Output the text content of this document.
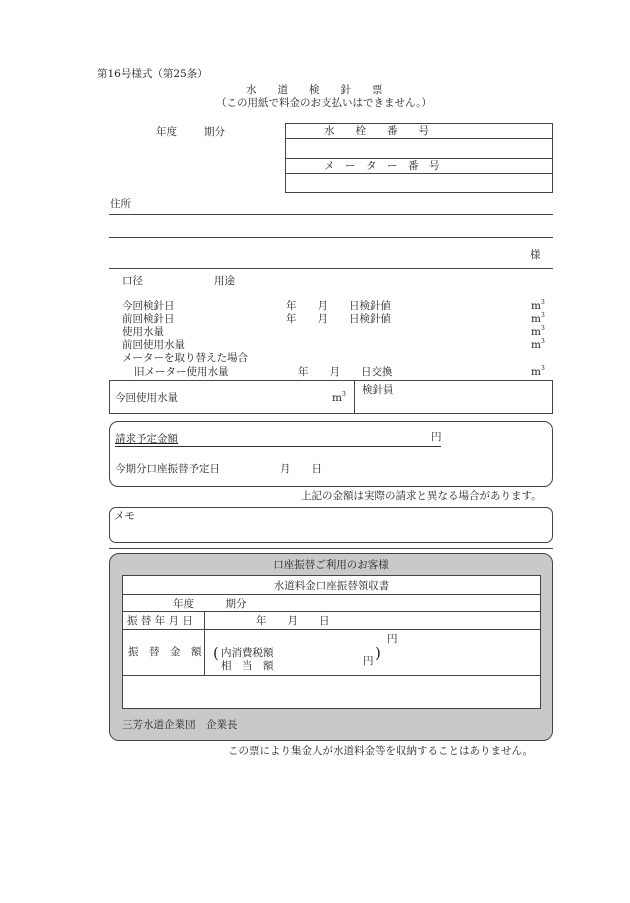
第16号様式（第25条）
水　　道　　検　　針　　票
（この用紙で料金のお支払いはできません。）
年度	期分	水　　栓　　番　　号
メ　ー　タ　ー　番　号
住所
様
口径	用途
今回検針日	年　　月　　日検針値	$m^3$
前回検針日	年　　月　　日検針値	$m^3$
使用水量	$m^3$
前回使用水量	$m^3$
メーターを取り替えた場合
旧メーター使用水量	年　　月　　日交換	$m^3$
今回使用水量	$m^3$ 検針員
請求予定金額	円
今期分口座振替予定日	月　　日
上記の金額は実際の請求と異なる場合があります。
メモ
口座振替ご利用のお客様
水道料金口座振替領収書
年度　　　期分
振 替 年 月 日	年　　月　　日
振　替　金　額
円
( 内消費税額
相　当　額	円 )
三芳水道企業団　企業長
この票により集金人が水道料金等を収納することはありません。
